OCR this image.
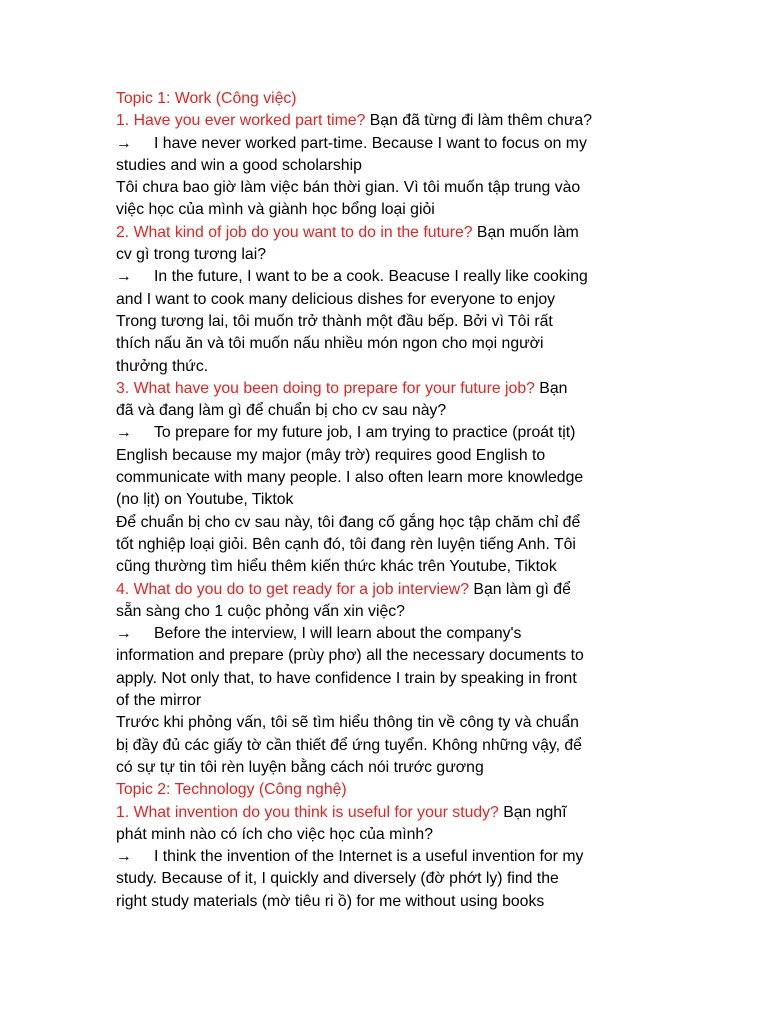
Topic 1: Work (Công việc)
1. Have you ever worked part time? Bạn đã từng đi làm thêm chưa?
→ I have never worked part-time. Because I want to focus on my
studies and win a good scholarship
Tôi chưa bao giờ làm việc bán thời gian. Vì tôi muốn tập trung vào
việc học của mình và giành học bổng loại giỏi
2. What kind of job do you want to do in the future? Bạn muốn làm
cv gì trong tương lai?
→ In the future, I want to be a cook. Beacuse I really like cooking
and I want to cook many delicious dishes for everyone to enjoy
Trong tương lai, tôi muốn trở thành một đầu bếp. Bởi vì Tôi rất
thích nấu ăn và tôi muốn nấu nhiều món ngon cho mọi người
thưởng thức.
3. What have you been doing to prepare for your future job? Bạn
đã và đang làm gì để chuẩn bị cho cv sau này?
→ To prepare for my future job, I am trying to practice (proát tịt)
English because my major (mây trờ) requires good English to
communicate with many people. I also often learn more knowledge
(no lịt) on Youtube, Tiktok
Để chuẩn bị cho cv sau này, tôi đang cố gắng học tập chăm chỉ để
tốt nghiệp loại giỏi. Bên cạnh đó, tôi đang rèn luyện tiếng Anh. Tôi
cũng thường tìm hiểu thêm kiến thức khác trên Youtube, Tiktok
4. What do you do to get ready for a job interview? Bạn làm gì để
sẵn sàng cho 1 cuộc phỏng vấn xin việc?
→ Before the interview, I will learn about the company's
information and prepare (prùy phơ) all the necessary documents to
apply. Not only that, to have confidence I train by speaking in front
of the mirror
Trước khi phỏng vấn, tôi sẽ tìm hiểu thông tin về công ty và chuẩn
bị đầy đủ các giấy tờ cần thiết để ứng tuyển. Không những vậy, để
có sự tự tin tôi rèn luyện bằng cách nói trước gương
Topic 2: Technology (Công nghệ)
1. What invention do you think is useful for your study? Bạn nghĩ
phát minh nào có ích cho việc học của mình?
→ I think the invention of the Internet is a useful invention for my
study. Because of it, I quickly and diversely (đờ phớt ly) find the
right study materials (mờ tiêu ri ồ) for me without using books
